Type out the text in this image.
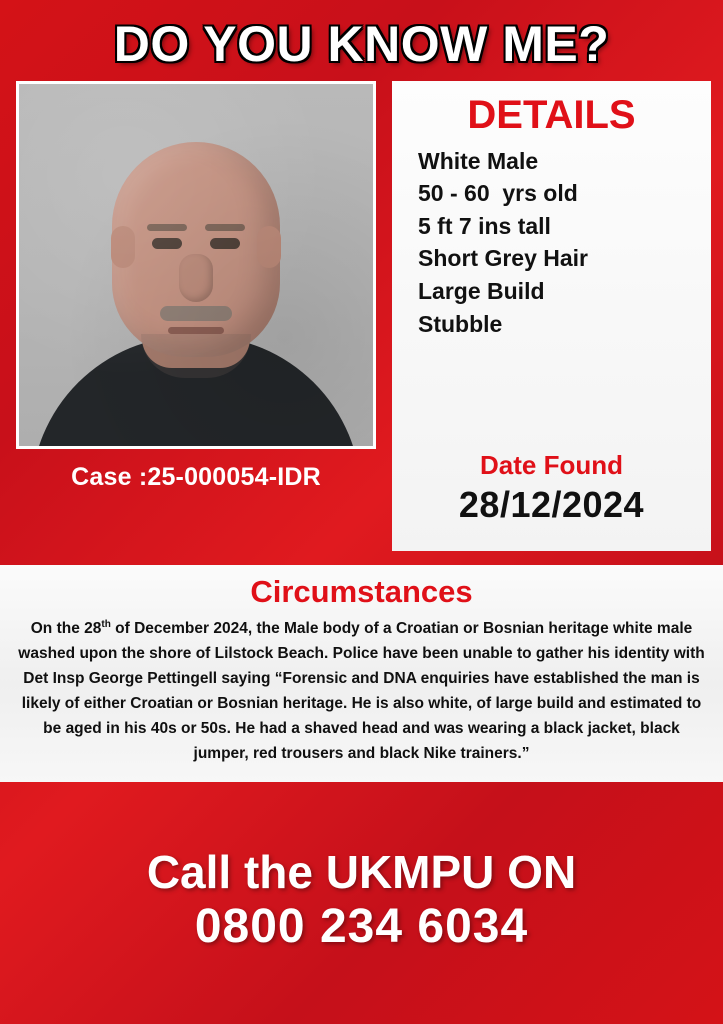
DO YOU KNOW ME?
Case :25-000054-IDR
DETAILS
White Male
50 - 60  yrs old
5 ft 7 ins tall
Short Grey Hair
Large Build
Stubble
Date Found
28/12/2024
Circumstances

On the 28th of December 2024, the Male body of a Croatian or Bosnian heritage white male washed upon the shore of Lilstock Beach. Police have been unable to gather his identity with Det Insp George Pettingell saying “Forensic and DNA enquiries have established the man is likely of either Croatian or Bosnian heritage. He is also white, of large build and estimated to be aged in his 40s or 50s. He had a shaved head and was wearing a black jacket, black jumper, red trousers and black Nike trainers.”

Call the UKMPU ON
0800 234 6034
